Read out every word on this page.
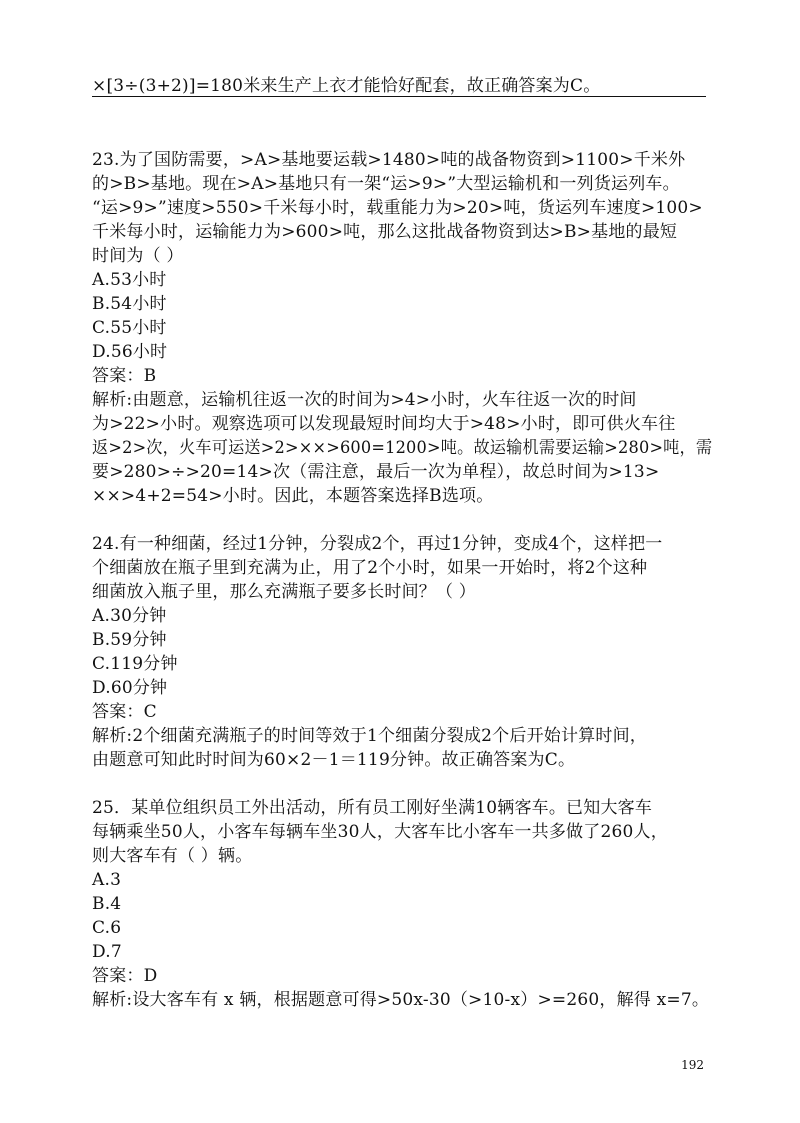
×[3÷(3+2)]=180米来生产上衣才能恰好配套，故正确答案为C。
23.为了国防需要，>A>基地要运载>1480>吨的战备物资到>1100>千米外
的>B>基地。现在>A>基地只有一架“运>9>”大型运输机和一列货运列车。
“运>9>”速度>550>千米每小时，载重能力为>20>吨，货运列车速度>100>
千米每小时，运输能力为>600>吨，那么这批战备物资到达>B>基地的最短
时间为（ ）
A.53小时
B.54小时
C.55小时
D.56小时
答案：B
解析:由题意，运输机往返一次的时间为>4>小时，火车往返一次的时间
为>22>小时。观察选项可以发现最短时间均大于>48>小时，即可供火车往
返>2>次，火车可运送>2>××>600=1200>吨。故运输机需要运输>280>吨，需
要>280>÷>20=14>次（需注意，最后一次为单程），故总时间为>13>
××>4+2=54>小时。因此，本题答案选择B选项。
24.有一种细菌，经过1分钟，分裂成2个，再过1分钟，变成4个，这样把一
个细菌放在瓶子里到充满为止，用了2个小时，如果一开始时，将2个这种
细菌放入瓶子里，那么充满瓶子要多长时间？（ ）
A.30分钟
B.59分钟
C.119分钟
D.60分钟
答案：C
解析:2个细菌充满瓶子的时间等效于1个细菌分裂成2个后开始计算时间，
由题意可知此时时间为60×2－1＝119分钟。故正确答案为C。
25．某单位组织员工外出活动，所有员工刚好坐满10辆客车。已知大客车
每辆乘坐50人，小客车每辆车坐30人，大客车比小客车一共多做了260人，
则大客车有（ ）辆。
A.3
B.4
C.6
D.7
答案：D
解析:设大客车有 x 辆，根据题意可得>50x-30（>10-x）>=260，解得 x=7。
192
